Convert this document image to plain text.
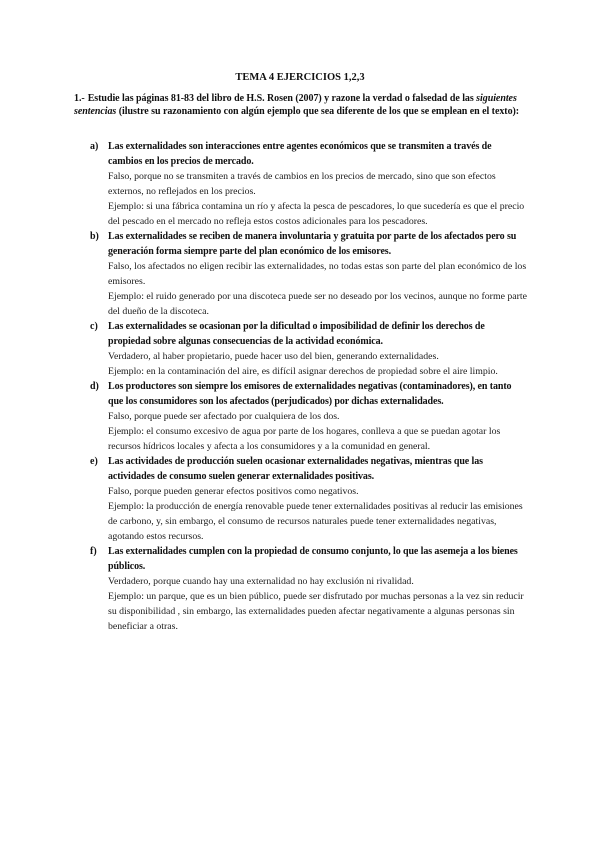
TEMA 4 EJERCICIOS 1,2,3
1.- Estudie las páginas 81-83 del libro de H.S. Rosen (2007) y razone la verdad o falsedad de las siguientes sentencias (ilustre su razonamiento con algún ejemplo que sea diferente de los que se emplean en el texto):
a) Las externalidades son interacciones entre agentes económicos que se transmiten a través de cambios en los precios de mercado.
Falso, porque no se transmiten a través de cambios en los precios de mercado, sino que son efectos externos, no reflejados en los precios.
Ejemplo: si una fábrica contamina un río y afecta la pesca de pescadores, lo que sucedería es que el precio del pescado en el mercado no refleja estos costos adicionales para los pescadores.
b) Las externalidades se reciben de manera involuntaria y gratuita por parte de los afectados pero su generación forma siempre parte del plan económico de los emisores.
Falso, los afectados no eligen recibir las externalidades, no todas estas son parte del plan económico de los emisores.
Ejemplo: el ruido generado por una discoteca puede ser no deseado por los vecinos, aunque no forme parte del dueño de la discoteca.
c) Las externalidades se ocasionan por la dificultad o imposibilidad de definir los derechos de propiedad sobre algunas consecuencias de la actividad económica.
Verdadero, al haber propietario, puede hacer uso del bien, generando externalidades.
Ejemplo: en la contaminación del aire, es difícil asignar derechos de propiedad sobre el aire limpio.
d) Los productores son siempre los emisores de externalidades negativas (contaminadores), en tanto que los consumidores son los afectados (perjudicados) por dichas externalidades.
Falso, porque puede ser afectado por cualquiera de los dos.
Ejemplo: el consumo excesivo de agua por parte de los hogares, conlleva a que se puedan agotar los recursos hídricos locales y afecta a los consumidores y a la comunidad en general.
e) Las actividades de producción suelen ocasionar externalidades negativas, mientras que las actividades de consumo suelen generar externalidades positivas.
Falso, porque pueden generar efectos positivos como negativos.
Ejemplo: la producción de energía renovable puede tener externalidades positivas al reducir las emisiones de carbono, y, sin embargo, el consumo de recursos naturales puede tener externalidades negativas, agotando estos recursos.
f) Las externalidades cumplen con la propiedad de consumo conjunto, lo que las asemeja a los bienes públicos.
Verdadero, porque cuando hay una externalidad no hay exclusión ni rivalidad.
Ejemplo: un parque, que es un bien público, puede ser disfrutado por muchas personas a la vez sin reducir su disponibilidad , sin embargo, las externalidades pueden afectar negativamente a algunas personas sin beneficiar a otras.
